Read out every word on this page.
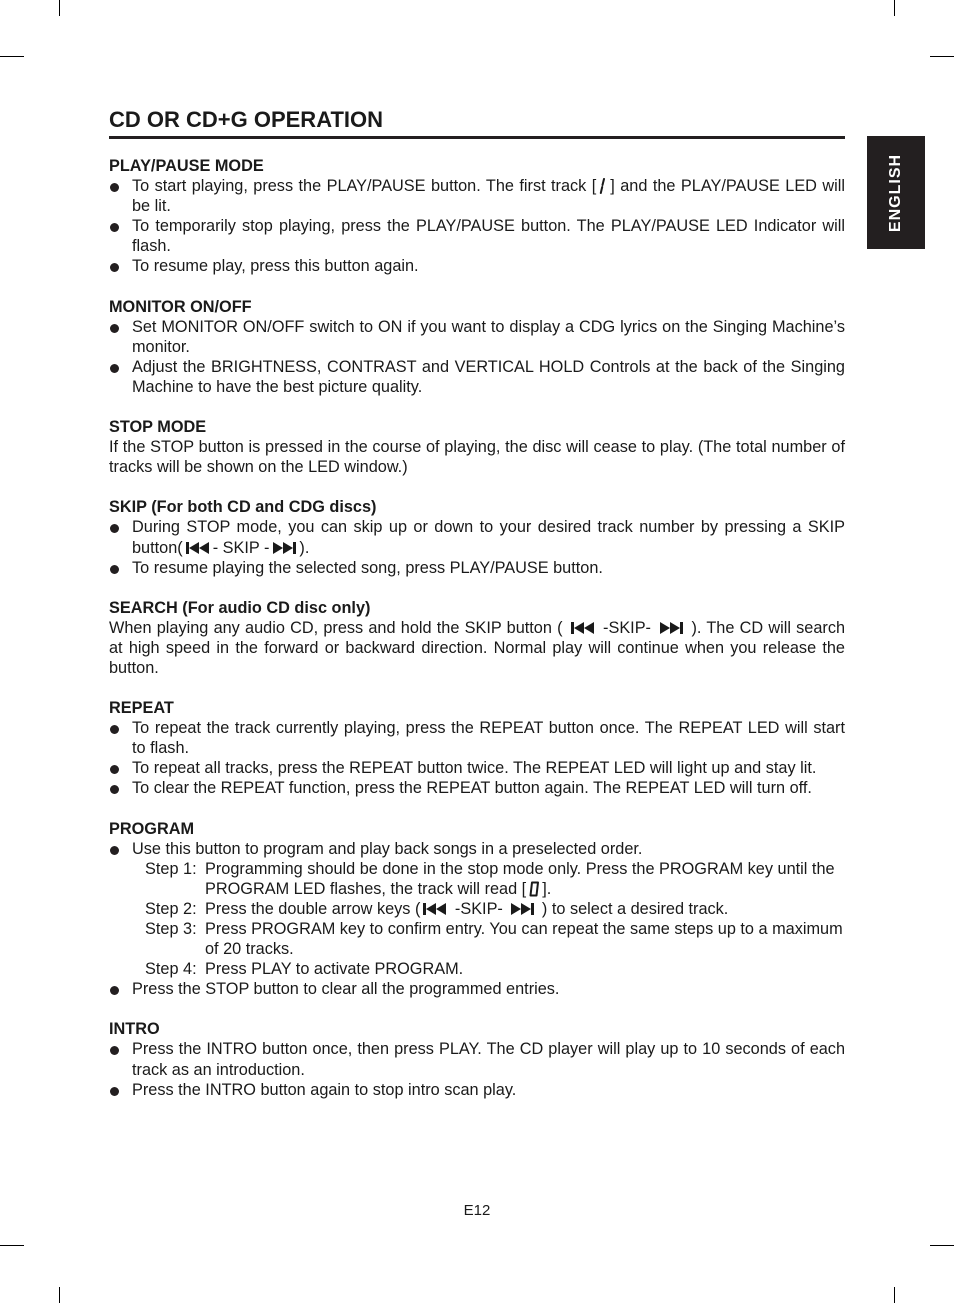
ENGLISH
CD OR CD+G OPERATION
PLAY/PAUSE MODE
To start playing, press the PLAY/PAUSE button. The first track [ ] and the PLAY/PAUSE LED will be lit.
To temporarily stop playing, press the PLAY/PAUSE button. The PLAY/PAUSE LED Indicator will flash.
To resume play, press this button again.
MONITOR ON/OFF
Set MONITOR ON/OFF switch to ON if you want to display a CDG lyrics on the Singing Machine’s monitor.
Adjust the BRIGHTNESS, CONTRAST and VERTICAL HOLD Controls at the back of the Singing Machine to have the best picture quality.
STOP MODE
If the STOP button is pressed in the course of playing, the disc will cease to play. (The total number of tracks will be shown on the LED window.)
SKIP (For both CD and CDG discs)
During STOP mode, you can skip up or down to your desired track number by pressing a SKIP button( - SKIP - ).
To resume playing the selected song, press PLAY/PAUSE button.
SEARCH (For audio CD disc only)
When playing any audio CD, press and hold the SKIP button ( -SKIP- ). The CD will search at high speed in the forward or backward direction. Normal play will continue when you release the button.
REPEAT
To repeat the track currently playing, press the REPEAT button once. The REPEAT LED will start to flash.
To repeat all tracks, press the REPEAT button twice. The REPEAT LED will light up and stay lit.
To clear the REPEAT function, press the REPEAT button again. The REPEAT LED will turn off.
PROGRAM
Use this button to program and play back songs in a preselected order.
Step 1: Programming should be done in the stop mode only. Press the PROGRAM key until the PROGRAM LED flashes, the track will read [ ].
Step 2: Press the double arrow keys ( -SKIP- ) to select a desired track.
Step 3: Press PROGRAM key to confirm entry. You can repeat the same steps up to a maximum of 20 tracks.
Step 4: Press PLAY to activate PROGRAM.
Press the STOP button to clear all the programmed entries.
INTRO
Press the INTRO button once, then press PLAY. The CD player will play up to 10 seconds of each track as an introduction.
Press the INTRO button again to stop intro scan play.
E12
